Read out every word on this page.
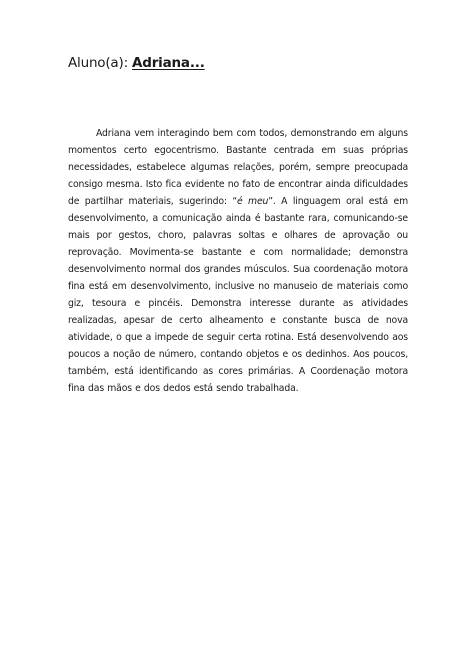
Aluno(a): Adriana...

Adriana vem interagindo bem com todos, demonstrando em alguns momentos certo egocentrismo. Bastante centrada em suas próprias necessidades, estabelece algumas relações, porém, sempre preocupada consigo mesma. Isto fica evidente no fato de encontrar ainda dificuldades de partilhar materiais, sugerindo: “é meu”. A linguagem oral está em desenvolvimento, a comunicação ainda é bastante rara, comunicando-se mais por gestos, choro, palavras soltas e olhares de aprovação ou reprovação. Movimenta-se bastante e com normalidade; demonstra desenvolvimento normal dos grandes músculos. Sua coordenação motora fina está em desenvolvimento, inclusive no manuseio de materiais como giz, tesoura e pincéis. Demonstra interesse durante as atividades realizadas, apesar de certo alheamento e constante busca de nova atividade, o que a impede de seguir certa rotina. Está desenvolvendo aos poucos a noção de número, contando objetos e os dedinhos. Aos poucos, também, está identificando as cores primárias. A Coordenação motora fina das mãos e dos dedos está sendo trabalhada.
